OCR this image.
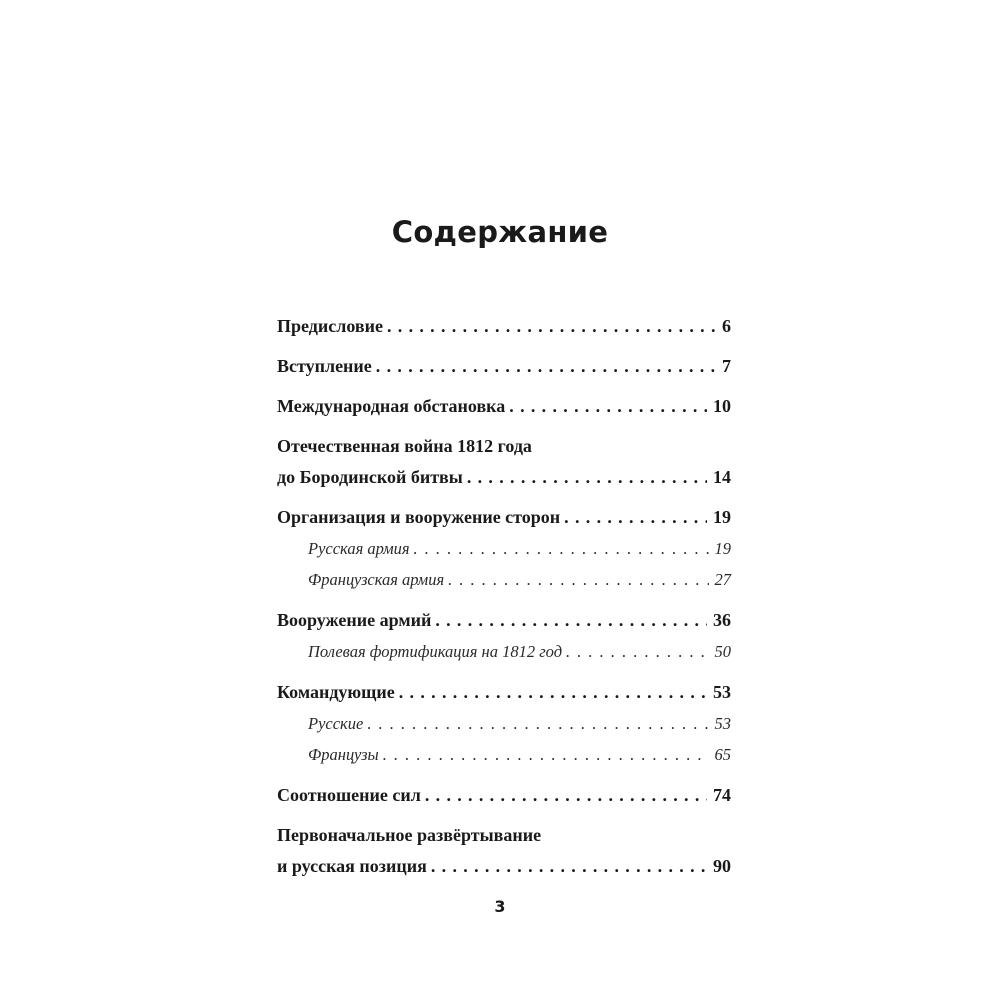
Содержание
Предисловие . . .	6
Вступление . . .	7
Международная обстановка . . .	10
Отечественная война 1812 года
до Бородинской битвы . . .	14
Организация и вооружение сторон . . .	19
Русская армия . . .	19
Французская армия . . .	27
Вооружение армий . . .	36
Полевая фортификация на 1812 год . . .	50
Командующие . . .	53
Русские . . .	53
Французы . . .	65
Соотношение сил . . .	74
Первоначальное развёртывание
и русская позиция . . .	90
3
